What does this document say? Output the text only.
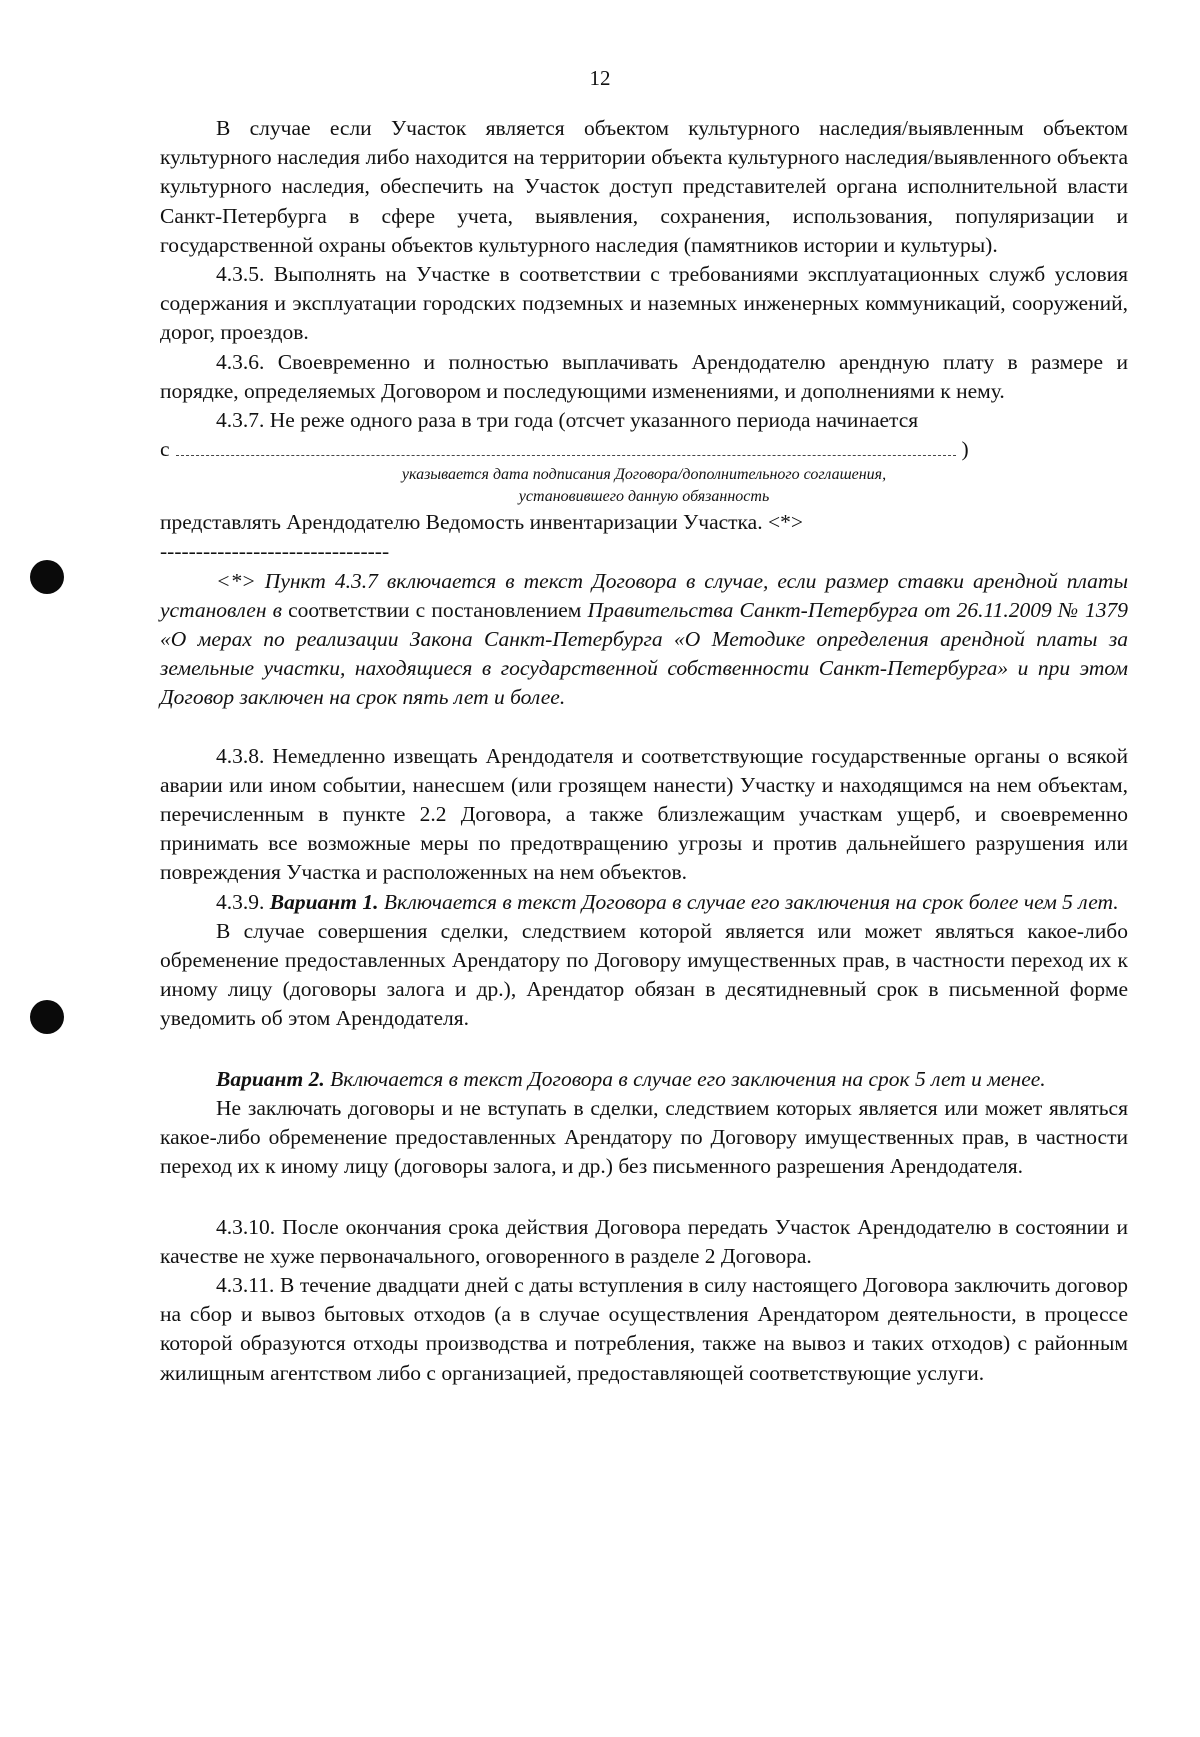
12

В случае если Участок является объектом культурного наследия/выявленным объектом культурного наследия либо находится на территории объекта культурного наследия/выявленного объекта культурного наследия, обеспечить на Участок доступ представителей органа исполнительной власти Санкт-Петербурга в сфере учета, выявления, сохранения, использования, популяризации и государственной охраны объектов культурного наследия (памятников истории и культуры).

4.3.5. Выполнять на Участке в соответствии с требованиями эксплуатационных служб условия содержания и эксплуатации городских подземных и наземных инженерных коммуникаций, сооружений, дорог, проездов.

4.3.6. Своевременно и полностью выплачивать Арендодателю арендную плату в размере и порядке, определяемых Договором и последующими изменениями, и дополнениями к нему.

4.3.7. Не реже одного раза в три года (отсчет указанного периода начинается

с	)

указывается дата подписания Договора/дополнительного соглашения,

установившего данную обязанность

представлять Арендодателю Ведомость инвентаризации Участка. <*>

--------------------------------

<*> Пункт 4.3.7 включается в текст Договора в случае, если размер ставки арендной платы установлен в соответствии с постановлением Правительства Санкт-Петербурга от 26.11.2009 № 1379 «О мерах по реализации Закона Санкт-Петербурга «О Методике определения арендной платы за земельные участки, находящиеся в государственной собственности Санкт-Петербурга» и при этом Договор заключен на срок пять лет и более.

4.3.8. Немедленно извещать Арендодателя и соответствующие государственные органы о всякой аварии или ином событии, нанесшем (или грозящем нанести) Участку и находящимся на нем объектам, перечисленным в пункте 2.2 Договора, а также близлежащим участкам ущерб, и своевременно принимать все возможные меры по предотвращению угрозы и против дальнейшего разрушения или повреждения Участка и расположенных на нем объектов.

4.3.9. Вариант 1. Включается в текст Договора в случае его заключения на срок более чем 5 лет.

В случае совершения сделки, следствием которой является или может являться какое-либо обременение предоставленных Арендатору по Договору имущественных прав, в частности переход их к иному лицу (договоры залога и др.), Арендатор обязан в десятидневный срок в письменной форме уведомить об этом Арендодателя.

Вариант 2. Включается в текст Договора в случае его заключения на срок 5 лет и менее.

Не заключать договоры и не вступать в сделки, следствием которых является или может являться какое-либо обременение предоставленных Арендатору по Договору имущественных прав, в частности переход их к иному лицу (договоры залога, и др.) без письменного разрешения Арендодателя.

4.3.10. После окончания срока действия Договора передать Участок Арендодателю в состоянии и качестве не хуже первоначального, оговоренного в разделе 2 Договора.

4.3.11. В течение двадцати дней с даты вступления в силу настоящего Договора заключить договор на сбор и вывоз бытовых отходов (а в случае осуществления Арендатором деятельности, в процессе которой образуются отходы производства и потребления, также на вывоз и таких отходов) с районным жилищным агентством либо с организацией, предоставляющей соответствующие услуги.
